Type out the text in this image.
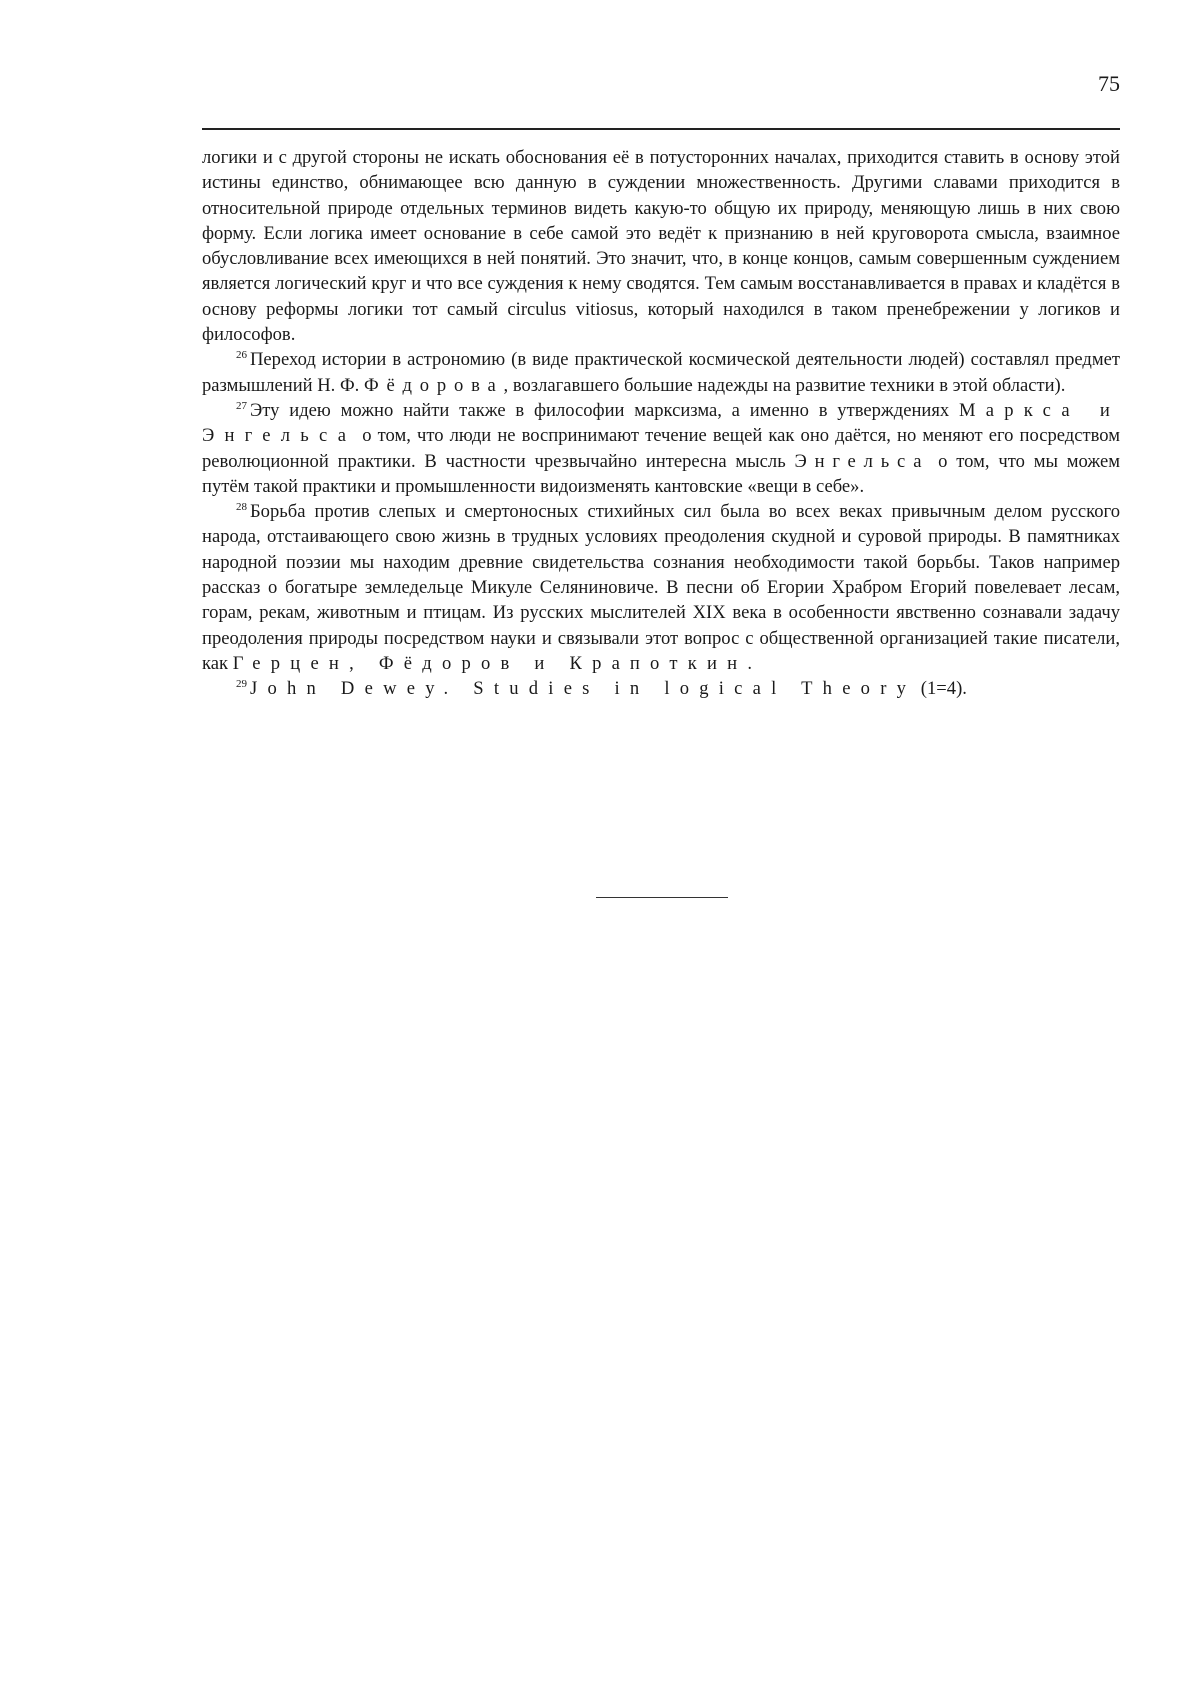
75

логики и с другой стороны не искать обоснования её в потусторонних началах, приходится ставить в основу этой истины единство, обнимающее всю данную в суждении множественность. Другими славами приходится в относительной природе отдельных терминов видеть какую-то общую их природу, меняющую лишь в них свою форму. Если логика имеет основание в себе самой это ведёт к признанию в ней круговорота смысла, взаимное обусловливание всех имеющихся в ней понятий. Это значит, что, в конце концов, самым совершенным суждением является логический круг и что все суждения к нему сводятся. Тем самым восстанавливается в правах и кладётся в основу реформы логики тот самый circulus vitiosus, который находился в таком пренебрежении у логиков и философов.

$^{26}$ Переход истории в астрономию (в виде практической космической деятельности людей) составлял предмет размышлений Н. Ф. Фёдорова, возлагавшего большие надежды на развитие техники в этой области).

$^{27}$ Эту идею можно найти также в философии марксизма, а именно в утверждениях Маркса и Энгельса о том, что люди не воспринимают течение вещей как оно даётся, но меняют его посредством революционной практики. В частности чрезвычайно интересна мысль Энгельса о том, что мы можем путём такой практики и промышленности видоизменять кантовские «вещи в себе».

$^{28}$ Борьба против слепых и смертоносных стихийных сил была во всех веках привычным делом русского народа, отстаивающего свою жизнь в трудных условиях преодоления скудной и суровой природы. В памятниках народной поэзии мы находим древние свидетельства сознания необходимости такой борьбы. Таков например рассказ о богатыре земледельце Микуле Селяниновиче. В песни об Егории Храбром Егорий повелевает лесам, горам, рекам, животным и птицам. Из русских мыслителей XIX века в особенности явственно сознавали задачу преодоления природы посредством науки и связывали этот вопрос с общественной организацией такие писатели, как Герцен, Фёдоров и Крапоткин.

$^{29}$ John Dewey. Studies in logical Theory (1=4).
